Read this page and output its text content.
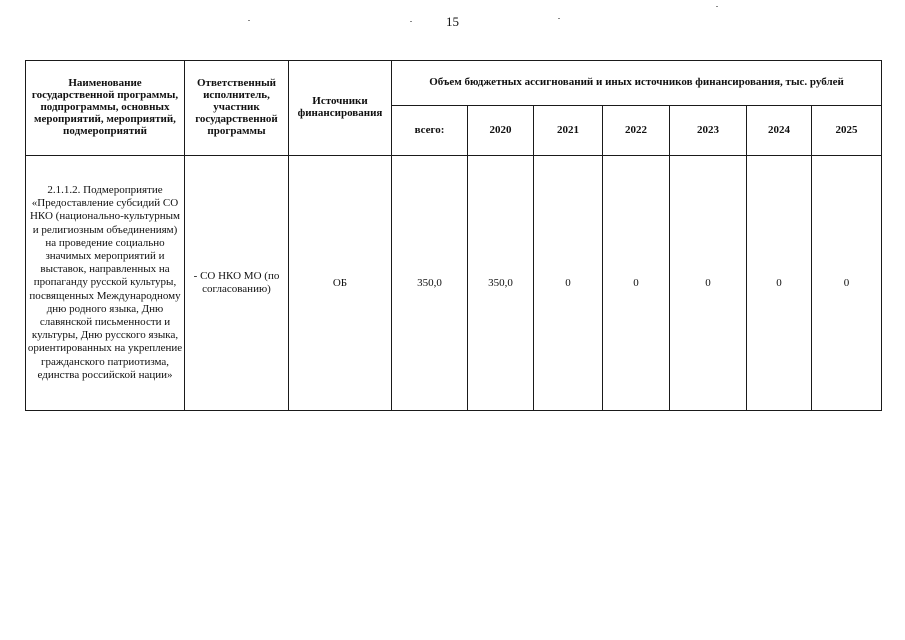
15
Наименование государственной программы, подпрограммы, основных мероприятий, мероприятий, подмероприятий	Ответственный исполнитель, участник государственной программы	Источники финансирования	Объем бюджетных ассигнований и иных источников финансирования, тыс. рублей						
			всего:	2020	2021	2022	2023	2024	2025
2.1.1.2. Подмероприятие «Предоставление субсидий СО НКО (национально-культурным и религиозным объединениям) на проведение социально значимых мероприятий и выставок, направленных на пропаганду русской культуры, посвященных Международному дню родного языка, Дню славянской письменности и культуры, Дню русского языка, ориентированных на укрепление гражданского патриотизма, единства российской нации»	- СО НКО МО (по согласованию)	ОБ	350,0	350,0	0	0	0	0	0
